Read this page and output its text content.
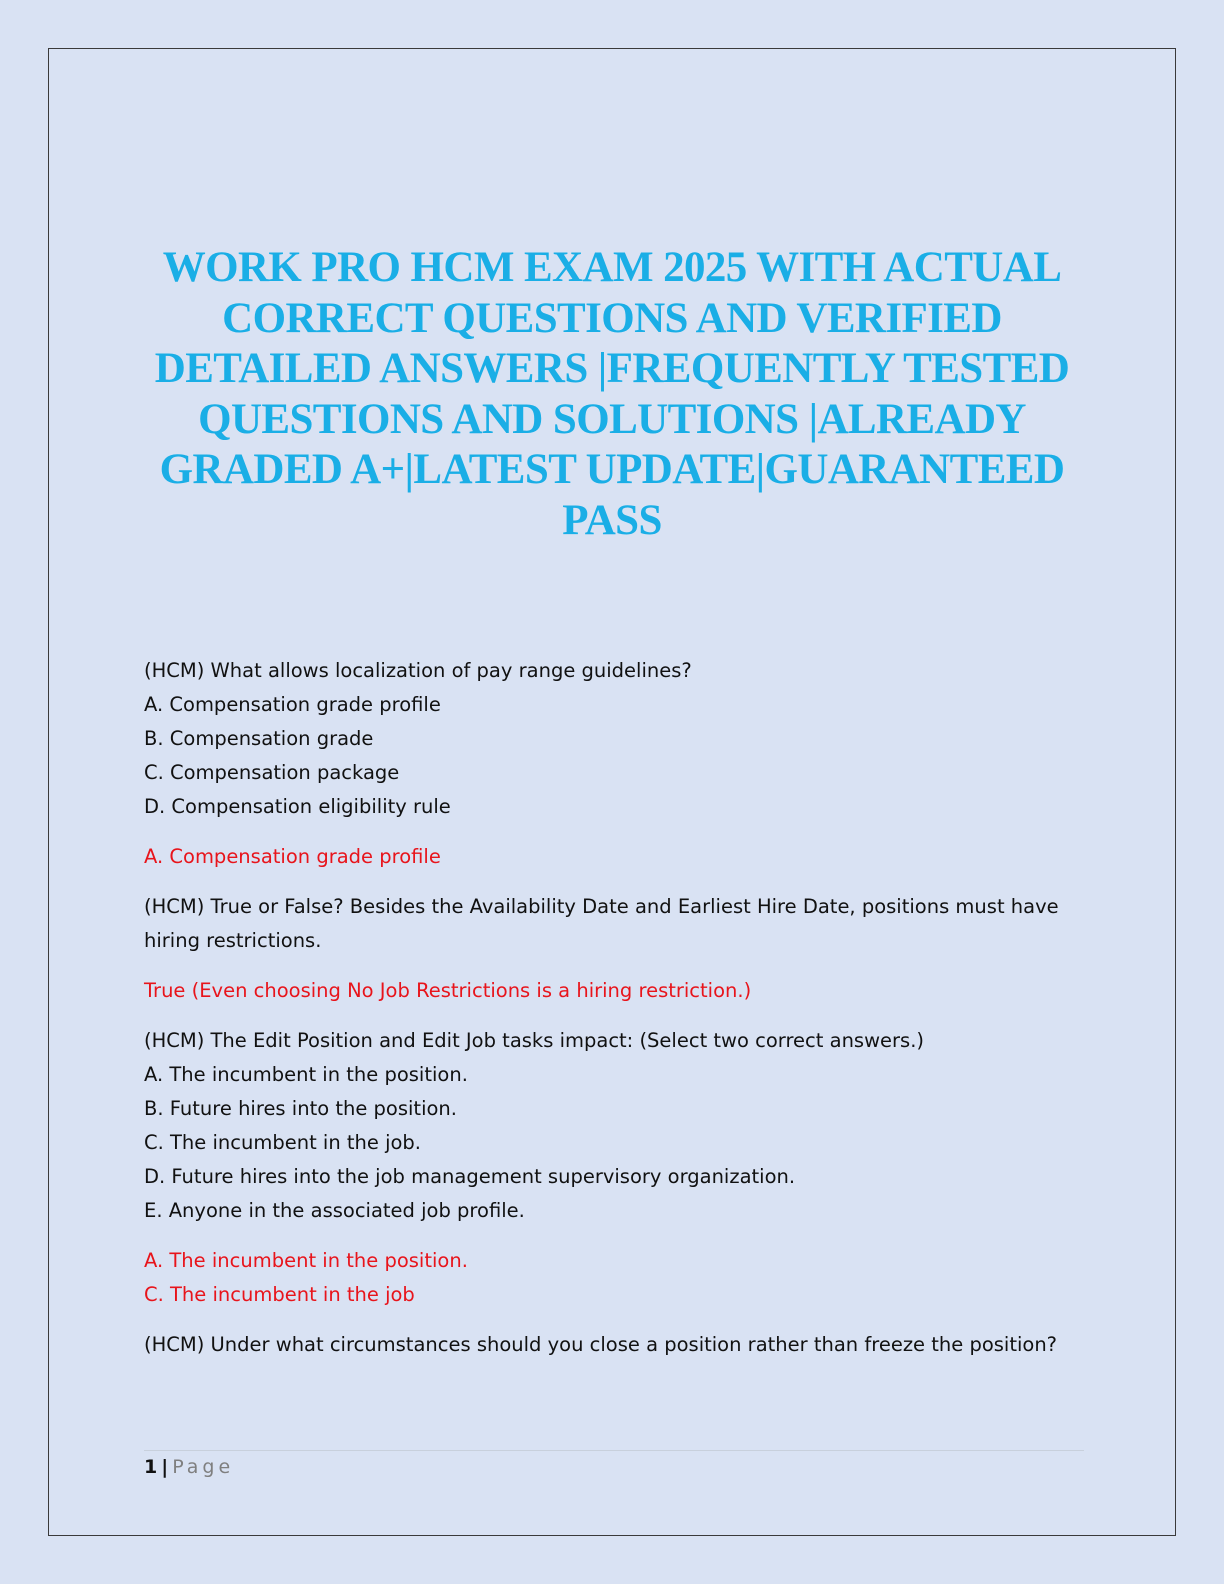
WORK PRO HCM EXAM 2025 WITH ACTUAL CORRECT QUESTIONS AND VERIFIED DETAILED ANSWERS |FREQUENTLY TESTED QUESTIONS AND SOLUTIONS |ALREADY GRADED A+|LATEST UPDATE|GUARANTEED PASS
(HCM) What allows localization of pay range guidelines?
A. Compensation grade profile
B. Compensation grade
C. Compensation package
D. Compensation eligibility rule
A. Compensation grade profile
(HCM) True or False? Besides the Availability Date and Earliest Hire Date, positions must have hiring restrictions.
True (Even choosing No Job Restrictions is a hiring restriction.)
(HCM) The Edit Position and Edit Job tasks impact: (Select two correct answers.)
A. The incumbent in the position.
B. Future hires into the position.
C. The incumbent in the job.
D. Future hires into the job management supervisory organization.
E. Anyone in the associated job profile.
A. The incumbent in the position.
C. The incumbent in the job
(HCM) Under what circumstances should you close a position rather than freeze the position?
1 | Page
